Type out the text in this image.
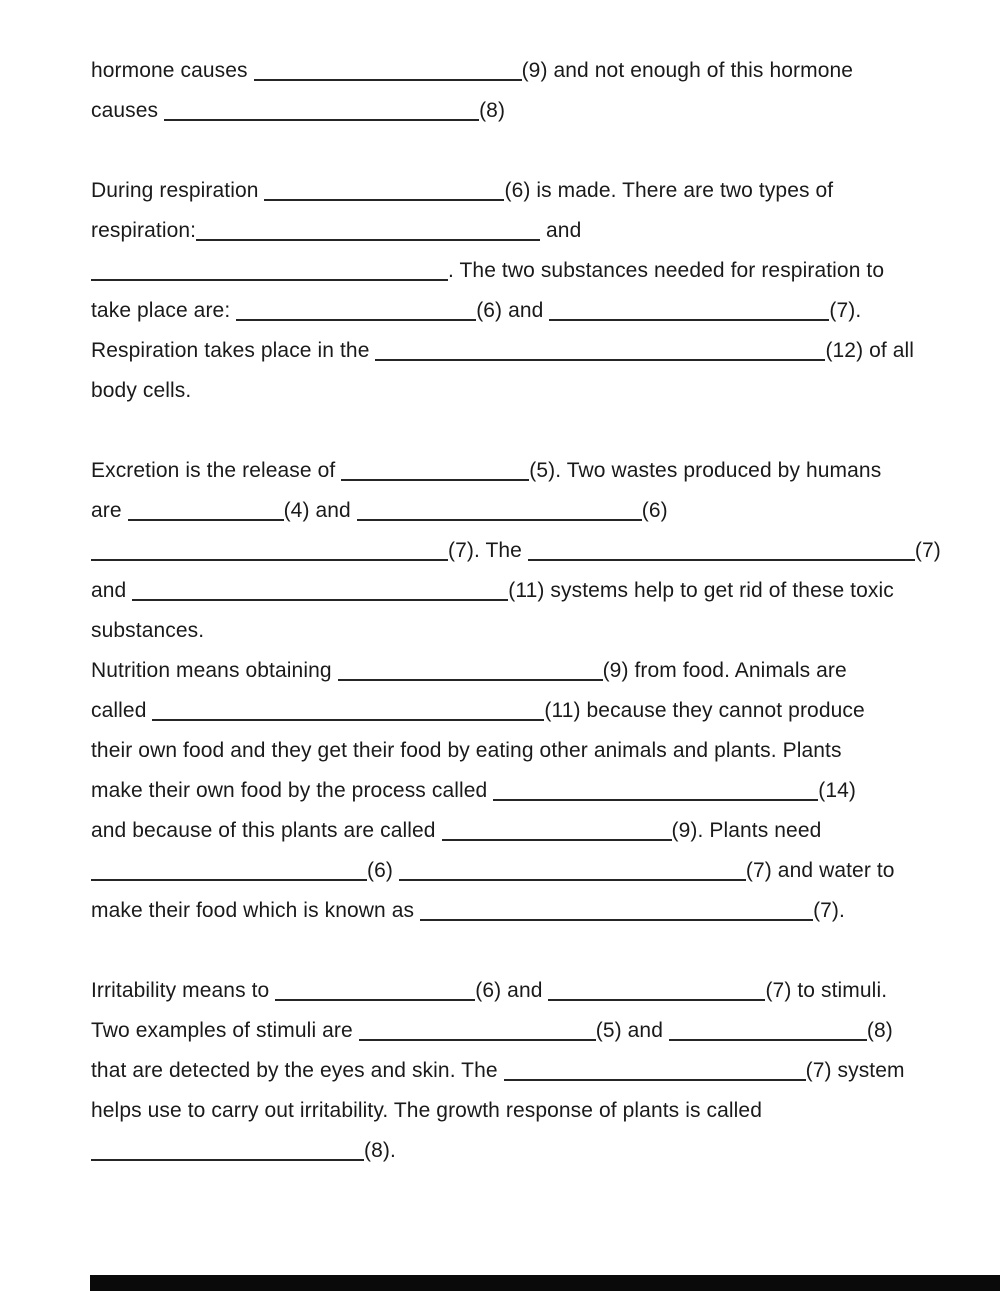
hormone causes	(9) and not enough of this hormone
causes	(8)
During respiration	(6) is made. There are two types of
respiration:	and
. The two substances needed for respiration to
take place are:	(6) and	(7).
Respiration takes place in the	(12) of all
body cells.
Excretion is the release of	(5). Two wastes produced by humans
are	(4) and	(6)
(7). The	(7)
and	(11) systems help to get rid of these toxic
substances.
Nutrition means obtaining	(9) from food. Animals are
called	(11) because they cannot produce
their own food and they get their food by eating other animals and plants. Plants
make their own food by the process called	(14)
and because of this plants are called	(9). Plants need
(6)	(7) and water to
make their food which is known as	(7).
Irritability means to	(6) and	(7) to stimuli.
Two examples of stimuli are	(5) and	(8)
that are detected by the eyes and skin. The	(7) system
helps use to carry out irritability. The growth response of plants is called
(8).
